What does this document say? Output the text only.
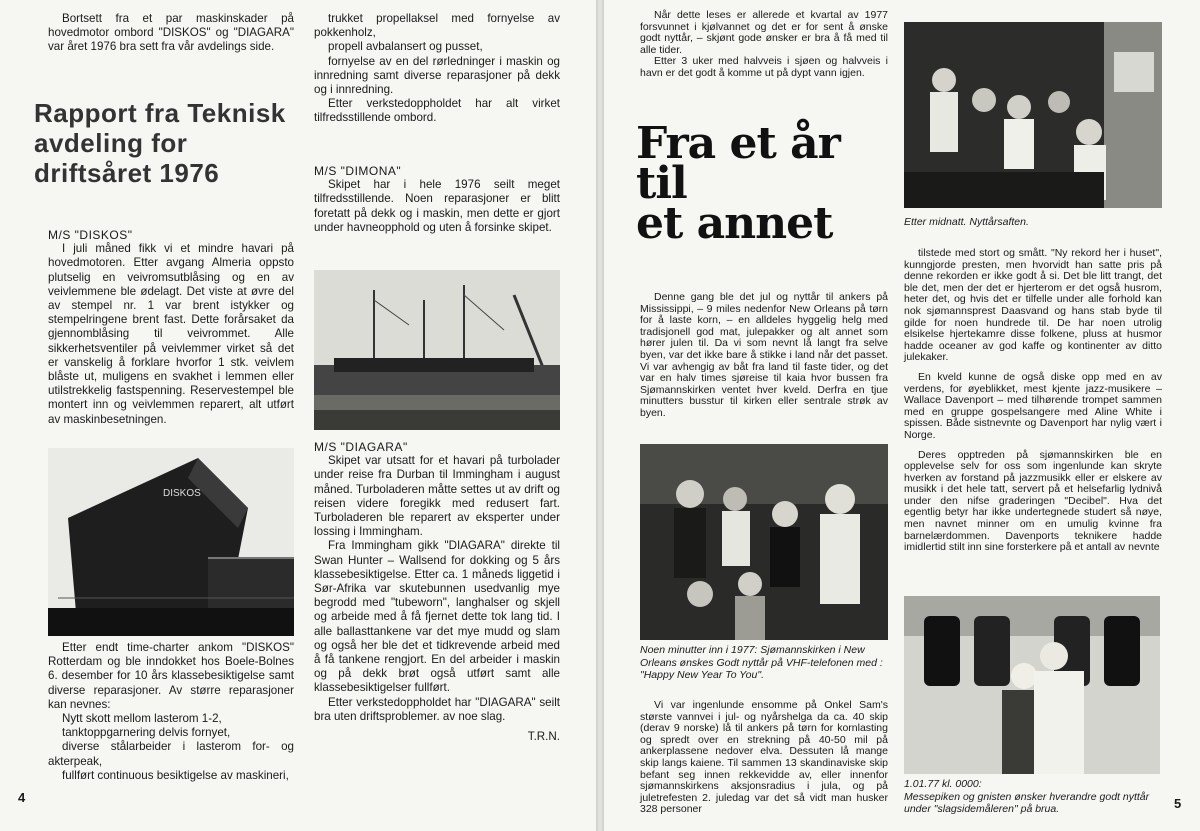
Bortsett fra et par maskinskader på hovedmotor ombord "DISKOS" og "DIAGARA" var året 1976 bra sett fra vår avdelings side.

Rapport fra Teknisk
avdeling for
driftsåret 1976
M/S "DISKOS"

I juli måned fikk vi et mindre havari på hovedmotoren. Etter avgang Almeria oppsto plutselig en veivromsutblåsing og en av veivlemmene ble ødelagt. Det viste at øvre del av stempel nr. 1 var brent istykker og stempelringene brent fast. Dette forårsaket da gjennomblåsing til veivrommet. Alle sikkerhetsventiler på veivlemmer virket så det er vanskelig å forklare hvorfor 1 stk. veivlem blåste ut, muligens en svakhet i lemmen eller utilstrekkelig fastspenning. Reservestempel ble montert inn og veivlemmen reparert, alt utført av maskinbesetningen.

DISKOS

Etter endt time-charter ankom "DISKOS" Rotterdam og ble inndokket hos Boele-Bolnes 6. desember for 10 års klassebesiktigelse samt diverse reparasjoner. Av større reparasjoner kan nevnes:

Nytt skott mellom lasterom 1-2,

tanktoppgarnering delvis fornyet,

diverse stålarbeider i lasterom for- og akterpeak,

fullført continuous besiktigelse av maskineri,

trukket propellaksel med fornyelse av pokkenholz,

propell avbalansert og pusset,

fornyelse av en del rørledninger i maskin og innredning samt diverse reparasjoner på dekk og i innredning.

Etter verkstedoppholdet har alt virket tilfredsstillende ombord.

M/S "DIMONA"

Skipet har i hele 1976 seilt meget tilfredsstillende. Noen reparasjoner er blitt foretatt på dekk og i maskin, men dette er gjort under havneopphold og uten å forsinke skipet.

M/S "DIAGARA"

Skipet var utsatt for et havari på turbolader under reise fra Durban til Immingham i august måned. Turboladeren måtte settes ut av drift og reisen videre foregikk med redusert fart. Turboladeren ble reparert av eksperter under lossing i Immingham.

Fra Immingham gikk "DIAGARA" direkte til Swan Hunter – Wallsend for dokking og 5 års klassebesiktigelse. Etter ca. 1 måneds liggetid i Sør-Afrika var skutebunnen usedvanlig mye begrodd med "tubeworn", langhalser og skjell og arbeide med å få fjernet dette tok lang tid. I alle ballasttankene var det mye mudd og slam og også her ble det et tidkrevende arbeid med å få tankene rengjort. En del arbeider i maskin og på dekk brøt også utført samt alle klassebesiktigelser fullført.

Etter verkstedoppholdet har "DIAGARA" seilt bra uten driftsproblemer. av noe slag.

T.R.N.

4

Når dette leses er allerede et kvartal av 1977 forsvunnet i kjølvannet og det er for sent å ønske godt nyttår, – skjønt gode ønsker er bra å få med til alle tider.

Etter 3 uker med halvveis i sjøen og halvveis i havn er det godt å komme ut på dypt vann igjen.

Fra et år
til
et annet

Denne gang ble det jul og nyttår til ankers på Mississippi, – 9 miles nedenfor New Orleans på tørn for å laste korn, – en alldeles hyggelig helg med tradisjonell god mat, julepakker og alt annet som hører julen til. Da vi som nevnt lå langt fra selve byen, var det ikke bare å stikke i land når det passet. Vi var avhengig av båt fra land til faste tider, og det var en halv times sjøreise til kaia hvor bussen fra Sjømannskirken ventet hver kveld. Derfra en tjue minutters busstur til kirken eller sentrale strøk av byen.

Noen minutter inn i 1977: Sjømannskirken i New Orleans ønskes Godt nyttår på VHF-telefonen med : "Happy New Year To You".

Vi var ingenlunde ensomme på Onkel Sam's største vannvei i jul- og nyårshelga da ca. 40 skip (derav 9 norske) lå til ankers på tørn for kornlasting og spredt over en strekning på 40-50 mil på ankerplassene nedover elva. Dessuten lå mange skip langs kaiene. Til sammen 13 skandinaviske skip befant seg innen rekkevidde av, eller innenfor sjømannskirkens aksjonsradius i jula, og på juletrefesten 2. juledag var det så vidt man husker 328 personer

Etter midnatt. Nyttårsaften.

tilstede med stort og smått. "Ny rekord her i huset", kunngjorde presten, men hvorvidt han satte pris på denne rekorden er ikke godt å si. Det ble litt trangt, det ble det, men der det er hjerterom er det også husrom, heter det, og hvis det er tilfelle under alle forhold kan nok sjømannsprest Daasvand og hans stab byde til gilde for noen hundrede til. De har noen utrolig elsikelse hjertekamre disse folkene, pluss at husmor hadde oceaner av god kaffe og kontinenter av ditto julekaker.

En kveld kunne de også diske opp med en av verdens, for øyeblikket, mest kjente jazz-musikere – Wallace Davenport – med tilhørende trompet sammen med en gruppe gospelsangere med Aline White i spissen. Både sistnevnte og Davenport har nylig vært i Norge.

Deres opptreden på sjømannskirken ble en opplevelse selv for oss som ingenlunde kan skryte hverken av forstand på jazzmusikk eller er elskere av musikk i det hele tatt, servert på et helsefarlig lydnivå under den nifse graderingen "Decibel". Hva det egentlig betyr har ikke undertegnede studert så nøye, men navnet minner om en umulig kvinne fra barnelærdommen. Davenports teknikere hadde imidlertid stilt inn sine forsterkere på et antall av nevnte

1.01.77 kl. 0000:
Messepiken og gnisten ønsker hverandre godt nyttår under "slagsidemåleren" på brua.	5
